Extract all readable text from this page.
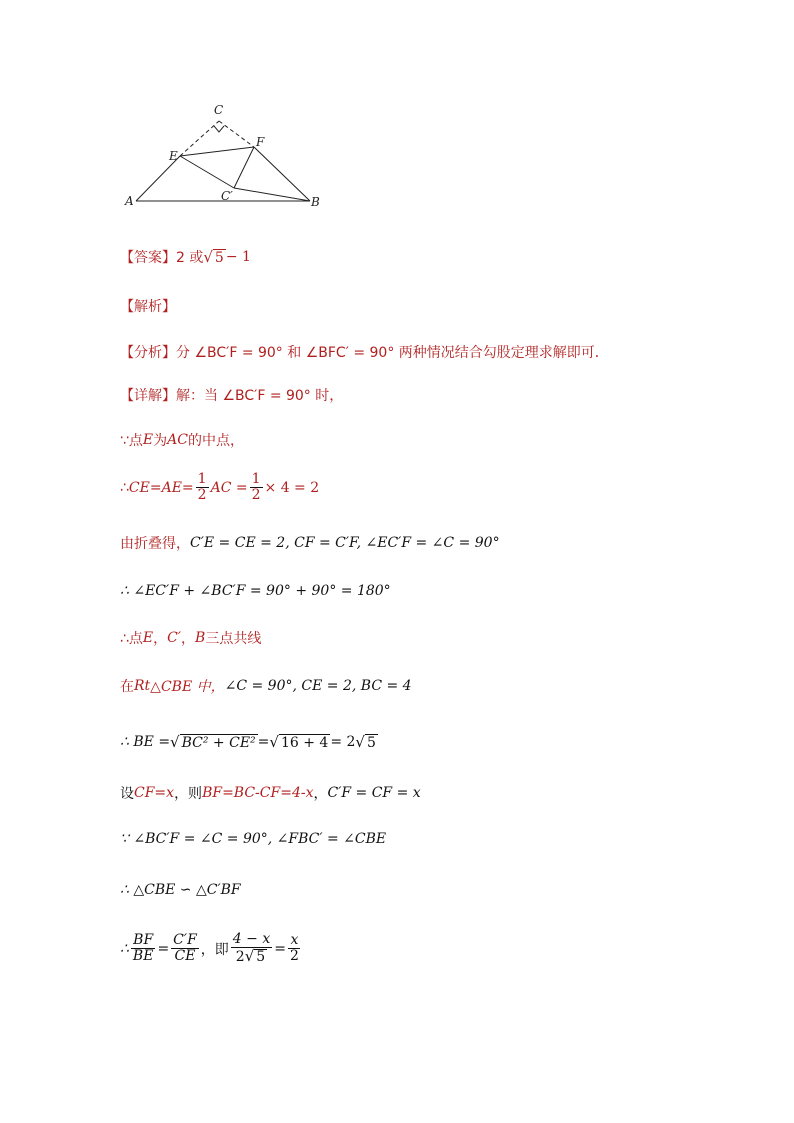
A	B
C
E
F
C′
【答案】 2 或 √ 5 − 1
【解析】
【分析】 分 ∠BC′F = 90° 和 ∠BFC′ = 90° 两种情况结合勾股定理求解即可．
【详解】 解：当 ∠BC′F = 90° 时，
∵点 E 为 AC 的中点，
∴ $CE=AE= \frac{1}{2}$ AC = $\frac{1}{2} \times 4 = 2$
由折叠得， C′E = CE = 2, CF = C′F, ∠EC′F = ∠C = 90°
∴ ∠EC′F + ∠BC′F = 90° + 90° = 180°
∴点 E ， C′ ， B 三点共线
在 Rt △CBE 中， ∠C = 90°, CE = 2, BC = 4
∴ BE = √ BC² + CE² = √ 16 + 4 = 2 √ 5
设 CF=x ，则 BF=BC-CF=4-x ， C′F = CF = x
∵ ∠BC′F = ∠C = 90°, ∠FBC′ = ∠CBE
∴ △CBE ∽ △C′BF
∴ $\frac{BF}{BE} = \frac{C'F}{CE}$ ，即 $\frac{4 - x}{2 √ 5} = \frac{x}{2}$
